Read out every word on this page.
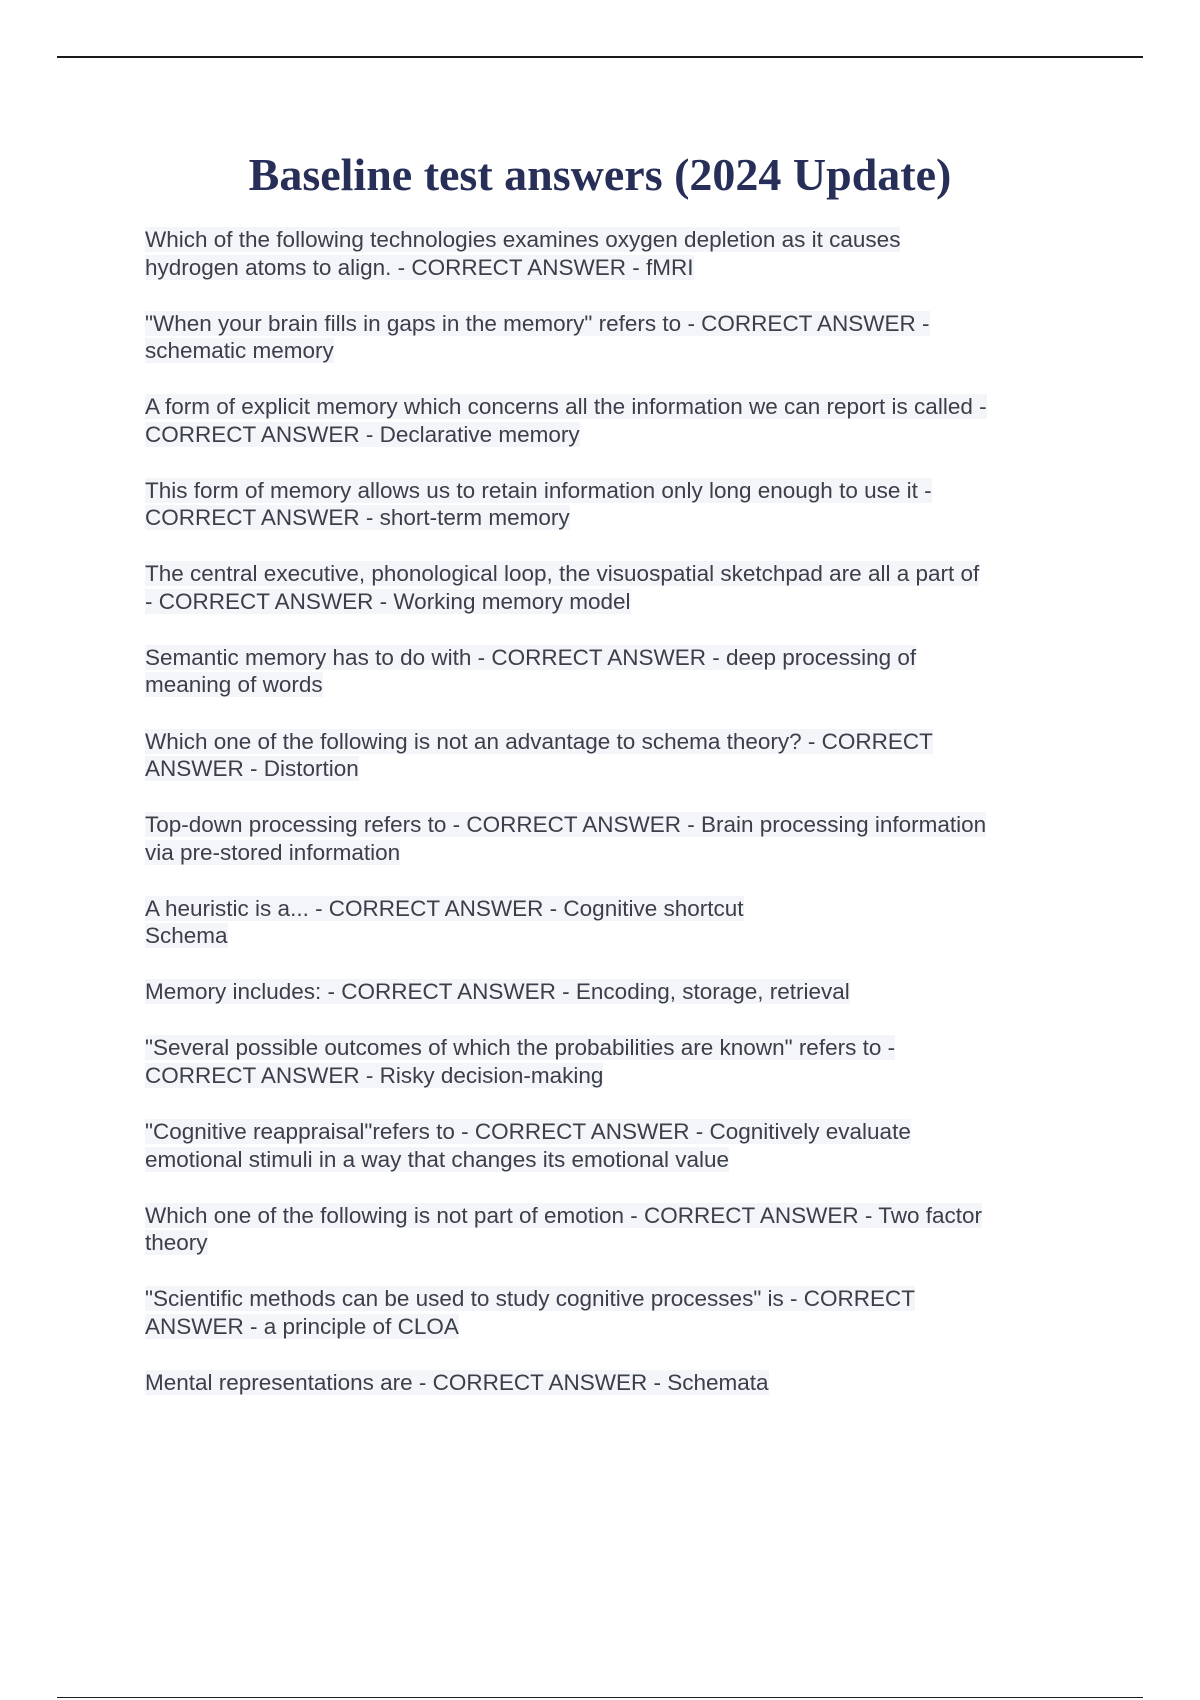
Baseline test answers (2024 Update)
Which of the following technologies examines oxygen depletion as it causes
hydrogen atoms to align. - CORRECT ANSWER - fMRI
"When your brain fills in gaps in the memory" refers to - CORRECT ANSWER -
schematic memory
A form of explicit memory which concerns all the information we can report is called -
CORRECT ANSWER - Declarative memory
This form of memory allows us to retain information only long enough to use it -
CORRECT ANSWER - short-term memory
The central executive, phonological loop, the visuospatial sketchpad are all a part of
- CORRECT ANSWER - Working memory model
Semantic memory has to do with - CORRECT ANSWER - deep processing of
meaning of words
Which one of the following is not an advantage to schema theory? - CORRECT
ANSWER - Distortion
Top-down processing refers to - CORRECT ANSWER - Brain processing information
via pre-stored information
A heuristic is a... - CORRECT ANSWER - Cognitive shortcut
Schema
Memory includes: - CORRECT ANSWER - Encoding, storage, retrieval
"Several possible outcomes of which the probabilities are known" refers to -
CORRECT ANSWER - Risky decision-making
"Cognitive reappraisal"refers to - CORRECT ANSWER - Cognitively evaluate
emotional stimuli in a way that changes its emotional value
Which one of the following is not part of emotion - CORRECT ANSWER - Two factor
theory
"Scientific methods can be used to study cognitive processes" is - CORRECT
ANSWER - a principle of CLOA
Mental representations are - CORRECT ANSWER - Schemata
